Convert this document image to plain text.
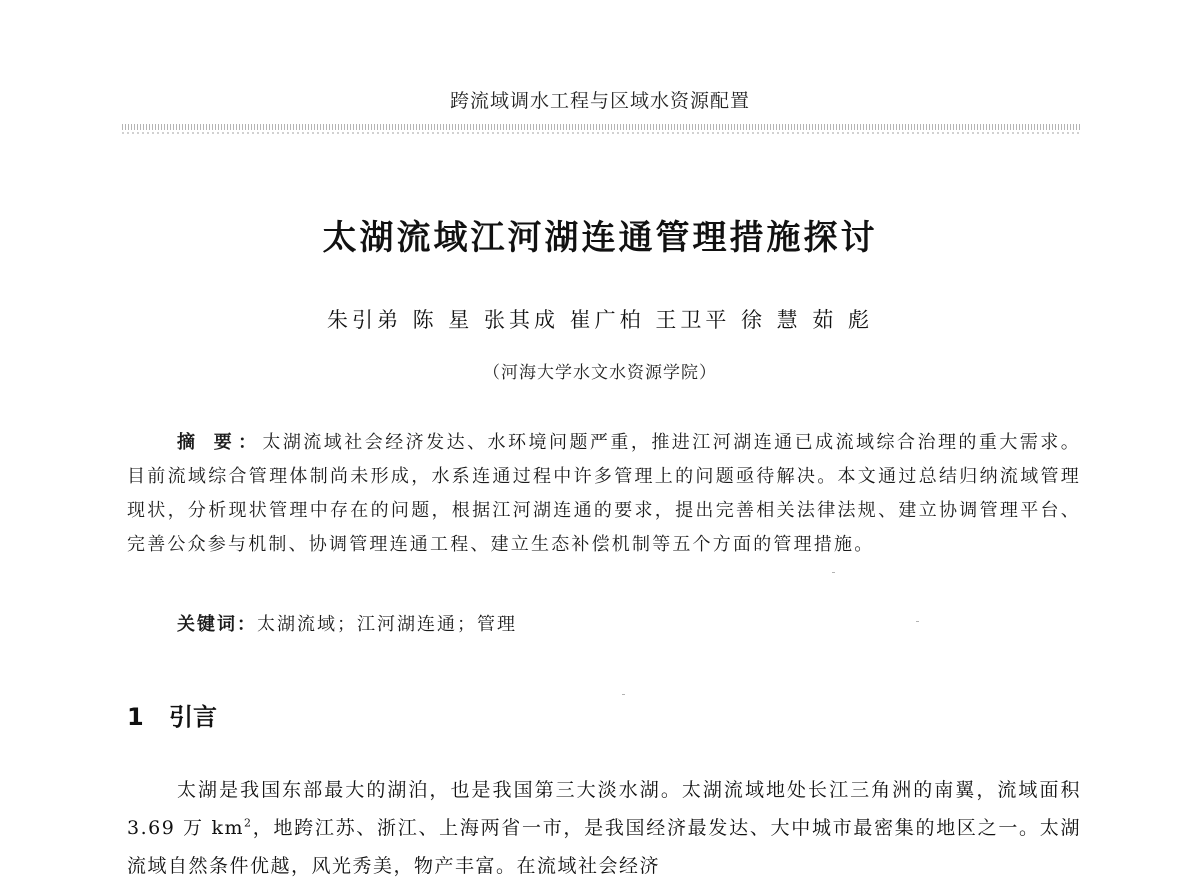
跨流域调水工程与区域水资源配置
太湖流域江河湖连通管理措施探讨
朱引弟 陈 星 张其成 崔广柏 王卫平 徐 慧 茹 彪
（河海大学水文水资源学院）
摘 要：太湖流域社会经济发达、水环境问题严重，推进江河湖连通已成流域综合治理的重大需求。目前流域综合管理体制尚未形成，水系连通过程中许多管理上的问题亟待解决。本文通过总结归纳流域管理现状，分析现状管理中存在的问题，根据江河湖连通的要求，提出完善相关法律法规、建立协调管理平台、完善公众参与机制、协调管理连通工程、建立生态补偿机制等五个方面的管理措施。
关键词：太湖流域；江河湖连通；管理
1 引言
太湖是我国东部最大的湖泊，也是我国第三大淡水湖。太湖流域地处长江三角洲的南翼，流域面积 3.69 万 $km^2$，地跨江苏、浙江、上海两省一市，是我国经济最发达、大中城市最密集的地区之一。太湖流域自然条件优越，风光秀美，物产丰富。在流域社会经济
